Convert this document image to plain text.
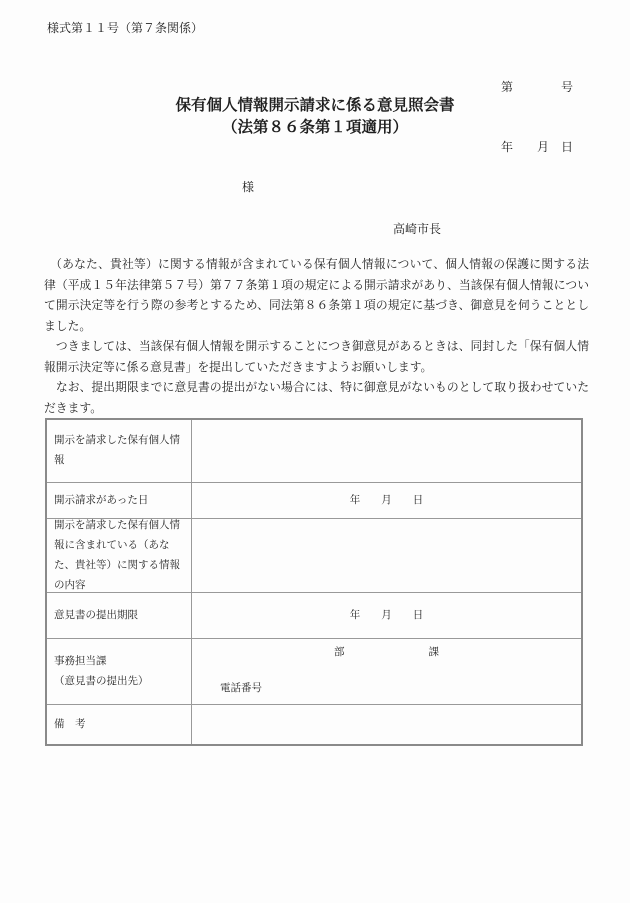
様式第１１号（第７条関係）

第　　　　号

年　　月　日

保有個人情報開示請求に係る意見照会書
（法第８６条第１項適用）
様
高崎市長

　（あなた、貴社等）に関する情報が含まれている保有個人情報について、個人情報の保護に関する法律（平成１５年法律第５７号）第７７条第１項の規定による開示請求があり、当該保有個人情報について開示決定等を行う際の参考とするため、同法第８６条第１項の規定に基づき、御意見を伺うこととしました。

　つきましては、当該保有個人情報を開示することにつき御意見があるときは、同封した「保有個人情報開示決定等に係る意見書」を提出していただきますようお願いします。

　なお、提出期限までに意見書の提出がない場合には、特に御意見がないものとして取り扱わせていただきます。

開示を請求した保有個人情報
開示請求があった日	年　　月　　日
開示を請求した保有個人情報に含まれている（あなた、貴社等）に関する情報の内容
意見書の提出期限	年　　月　　日
事務担当課
（意見書の提出先）
部　　　　　　　　課
電話番号
備　考
